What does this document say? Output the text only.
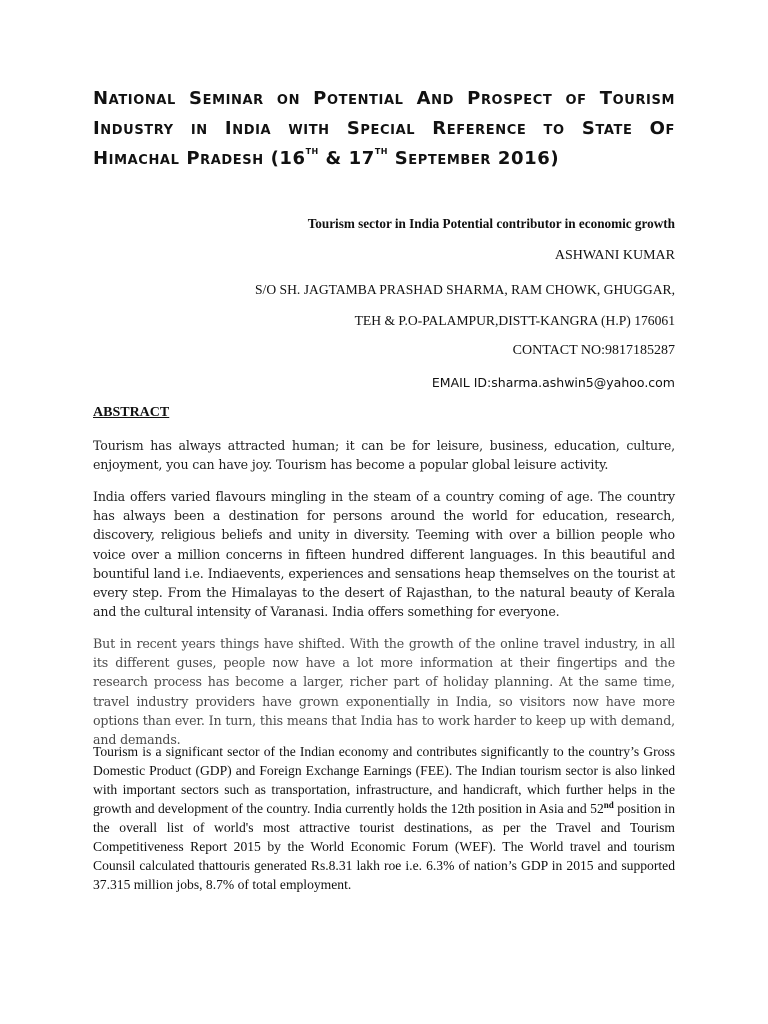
National Seminar on Potential And Prospect of Tourism Industry in India with Special Reference to State Of Himachal Pradesh (16th & 17th September 2016)

Tourism sector in India Potential contributor in economic growth

ASHWANI KUMAR

S/O SH. JAGTAMBA PRASHAD SHARMA, RAM CHOWK, GHUGGAR,

TEH & P.O-PALAMPUR,DISTT-KANGRA (H.P) 176061

CONTACT NO:9817185287

EMAIL ID:sharma.ashwin5@yahoo.com

ABSTRACT

Tourism has always attracted human; it can be for leisure, business, education, culture, enjoyment, you can have joy. Tourism has become a popular global leisure activity.

India offers varied flavours mingling in the steam of a country coming of age. The country has always been a destination for persons around the world for education, research, discovery, religious beliefs and unity in diversity. Teeming with over a billion people who voice over a million concerns in fifteen hundred different languages. In this beautiful and bountiful land i.e. Indiaevents, experiences and sensations heap themselves on the tourist at every step. From the Himalayas to the desert of Rajasthan, to the natural beauty of Kerala and the cultural intensity of Varanasi. India offers something for everyone.

But in recent years things have shifted. With the growth of the online travel industry, in all its different guses, people now have a lot more information at their fingertips and the research process has become a larger, richer part of holiday planning. At the same time, travel industry providers have grown exponentially in India, so visitors now have more options than ever. In turn, this means that India has to work harder to keep up with demand, and demands.

Tourism is a significant sector of the Indian economy and contributes significantly to the country’s Gross Domestic Product (GDP) and Foreign Exchange Earnings (FEE). The Indian tourism sector is also linked with important sectors such as transportation, infrastructure, and handicraft, which further helps in the growth and development of the country. India currently holds the 12th position in Asia and 52nd position in the overall list of world's most attractive tourist destinations, as per the Travel and Tourism Competitiveness Report 2015 by the World Economic Forum (WEF). The World travel and tourism Counsil calculated thattouris generated Rs.8.31 lakh roe i.e. 6.3% of nation’s GDP in 2015 and supported 37.315 million jobs, 8.7% of total employment.
